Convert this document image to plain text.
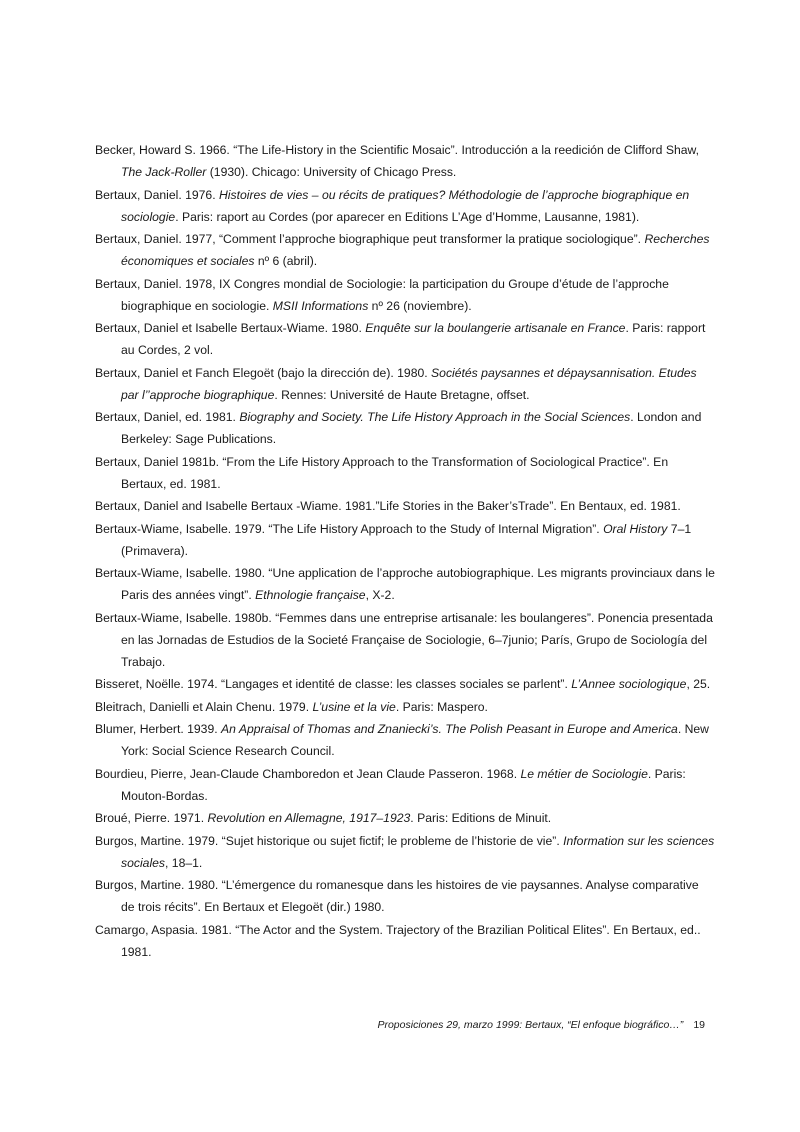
Becker, Howard S. 1966. “The Life-History in the Scientific Mosaic”. Introducción a la reedición de Clifford Shaw, The Jack-Roller (1930). Chicago: University of Chicago Press.

Bertaux, Daniel. 1976. Histoires de vies – ou récits de pratiques? Méthodologie de l’approche biographique en sociologie. Paris: raport au Cordes (por aparecer en Editions L’Age d’Homme, Lausanne, 1981).

Bertaux, Daniel. 1977, “Comment l’approche biographique peut transformer la pratique sociologique”. Recherches économiques et sociales nº 6 (abril).

Bertaux, Daniel. 1978, IX Congres mondial de Sociologie: la participation du Groupe d’étude de l’approche biographique en sociologie. MSII Informations nº 26 (noviembre).

Bertaux, Daniel et Isabelle Bertaux-Wiame. 1980. Enquête sur la boulangerie artisanale en France. Paris: rapport au Cordes, 2 vol.

Bertaux, Daniel et Fanch Elegoët (bajo la dirección de). 1980. Sociétés paysannes et dépaysannisation. Etudes par l’’approche biographique. Rennes: Université de Haute Bretagne, offset.

Bertaux, Daniel, ed. 1981. Biography and Society. The Life History Approach in the Social Sciences. London and Berkeley: Sage Publications.

Bertaux, Daniel 1981b. “From the Life History Approach to the Transformation of Sociological Practice”. En Bertaux, ed. 1981.

Bertaux, Daniel and Isabelle Bertaux -Wiame. 1981.”Life Stories in the Baker’sTrade”. En Bentaux, ed. 1981.

Bertaux-Wiame, Isabelle. 1979. “The Life History Approach to the Study of Internal Migration”. Oral History 7–1 (Primavera).

Bertaux-Wiame, Isabelle. 1980. “Une application de l’approche autobiographique. Les migrants provinciaux dans le Paris des années vingt”. Ethnologie française, X-2.

Bertaux-Wiame, Isabelle. 1980b. “Femmes dans une entreprise artisanale: les boulangeres”. Ponencia presentada en las Jornadas de Estudios de la Societé Française de Sociologie, 6–7junio; París, Grupo de Sociología del Trabajo.

Bisseret, Noëlle. 1974. “Langages et identité de classe: les classes sociales se parlent”. L’Annee sociologique, 25.

Bleitrach, Danielli et Alain Chenu. 1979. L’usine et la vie. Paris: Maspero.

Blumer, Herbert. 1939. An Appraisal of Thomas and Znaniecki’s. The Polish Peasant in Europe and America. New York: Social Science Research Council.

Bourdieu, Pierre, Jean-Claude Chamboredon et Jean Claude Passeron. 1968. Le métier de Sociologie. Paris: Mouton-Bordas.

Broué, Pierre. 1971. Revolution en Allemagne, 1917–1923. Paris: Editions de Minuit.

Burgos, Martine. 1979. “Sujet historique ou sujet fictif; le probleme de l’historie de vie”. Information sur les sciences sociales, 18–1.

Burgos, Martine. 1980. “L’émergence du romanesque dans les histoires de vie paysannes. Analyse comparative de trois récits”. En Bertaux et Elegoët (dir.) 1980.

Camargo, Aspasia. 1981. “The Actor and the System. Trajectory of the Brazilian Political Elites”. En Bertaux, ed.. 1981.

Proposiciones 29, marzo 1999: Bertaux, “El enfoque biográfico…” 19
